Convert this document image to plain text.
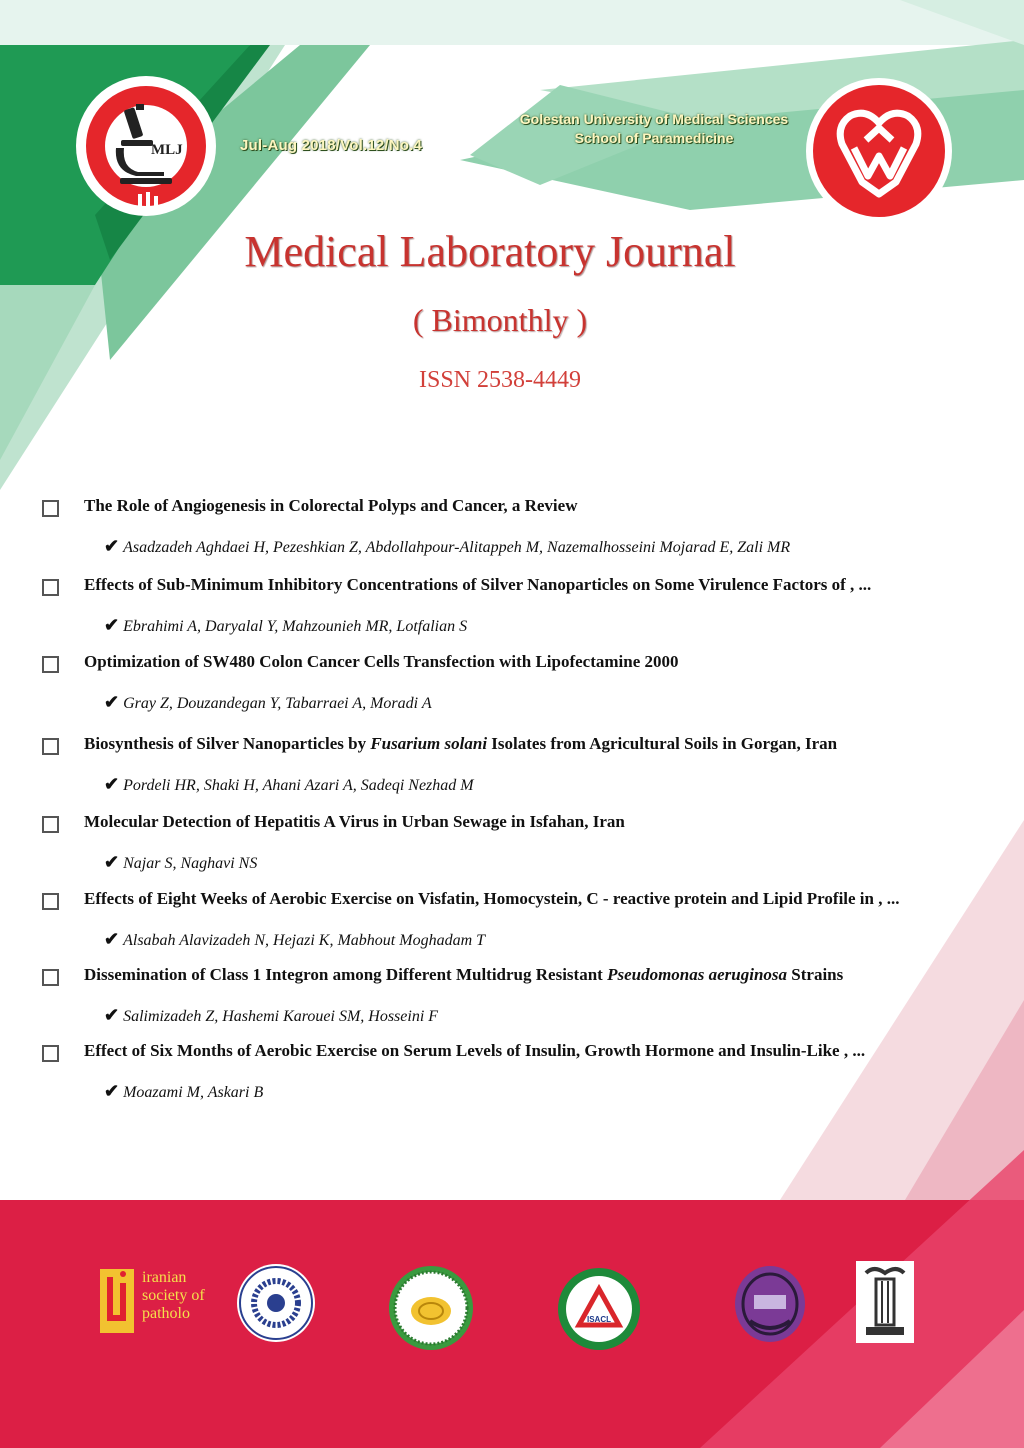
MLJ	Jul-Aug 2018/Vol.12/No.4
Golestan University of Medical Sciences
School of Paramedicine
Medical Laboratory Journal
( Bimonthly )
ISSN 2538-4449
The Role of Angiogenesis in Colorectal Polyps and Cancer, a Review
✔ Asadzadeh Aghdaei H, Pezeshkian Z, Abdollahpour-Alitappeh M, Nazemalhosseini Mojarad E, Zali MR
Effects of Sub-Minimum Inhibitory Concentrations of Silver Nanoparticles on Some Virulence Factors of , ...
✔ Ebrahimi A, Daryalal Y, Mahzounieh MR, Lotfalian S
Optimization of SW480 Colon Cancer Cells Transfection with Lipofectamine 2000
✔ Gray Z, Douzandegan Y, Tabarraei A, Moradi A
Biosynthesis of Silver Nanoparticles by Fusarium solani Isolates from Agricultural Soils in Gorgan, Iran
✔ Pordeli HR, Shaki H, Ahani Azari A, Sadeqi Nezhad M
Molecular Detection of Hepatitis A Virus in Urban Sewage in Isfahan, Iran
✔ Najar S, Naghavi NS
Effects of Eight Weeks of Aerobic Exercise on Visfatin, Homocystein, C - reactive protein and Lipid Profile in , ...
✔ Alsabah Alavizadeh N, Hejazi K, Mabhout Moghadam T
Dissemination of Class 1 Integron among Different Multidrug Resistant Pseudomonas aeruginosa Strains
✔ Salimizadeh Z, Hashemi Karouei SM, Hosseini F
Effect of Six Months of Aerobic Exercise on Serum Levels of Insulin, Growth Hormone and Insulin-Like , ...
✔ Moazami M, Askari B
iranian
society of
patholo	ISACL
